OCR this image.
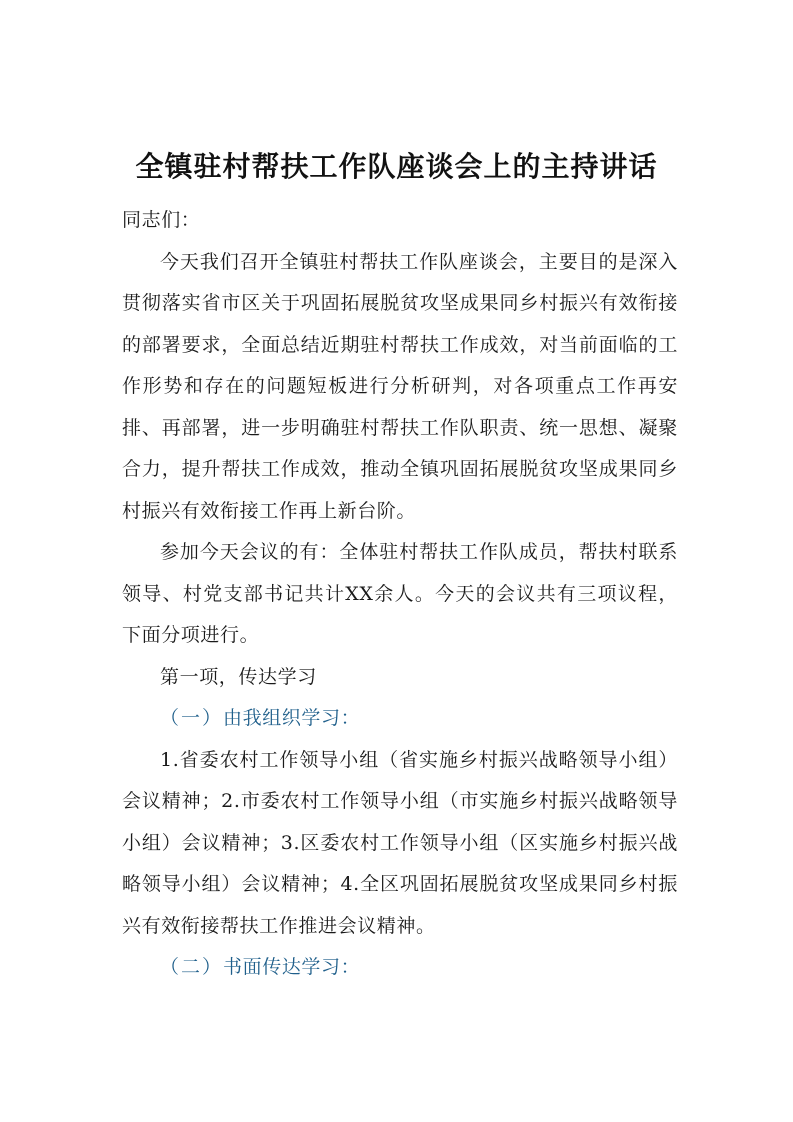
全镇驻村帮扶工作队座谈会上的主持讲话

同志们：

今天我们召开全镇驻村帮扶工作队座谈会，主要目的是深入贯彻落实省市区关于巩固拓展脱贫攻坚成果同乡村振兴有效衔接的部署要求，全面总结近期驻村帮扶工作成效，对当前面临的工作形势和存在的问题短板进行分析研判，对各项重点工作再安排、再部署，进一步明确驻村帮扶工作队职责、统一思想、凝聚合力，提升帮扶工作成效，推动全镇巩固拓展脱贫攻坚成果同乡村振兴有效衔接工作再上新台阶。

参加今天会议的有：全体驻村帮扶工作队成员，帮扶村联系领导、村党支部书记共计XX余人。今天的会议共有三项议程，下面分项进行。

第一项，传达学习

（一）由我组织学习：

1.省委农村工作领导小组（省实施乡村振兴战略领导小组）会议精神；2.市委农村工作领导小组（市实施乡村振兴战略领导小组）会议精神；3.区委农村工作领导小组（区实施乡村振兴战略领导小组）会议精神；4.全区巩固拓展脱贫攻坚成果同乡村振兴有效衔接帮扶工作推进会议精神。

（二）书面传达学习：
